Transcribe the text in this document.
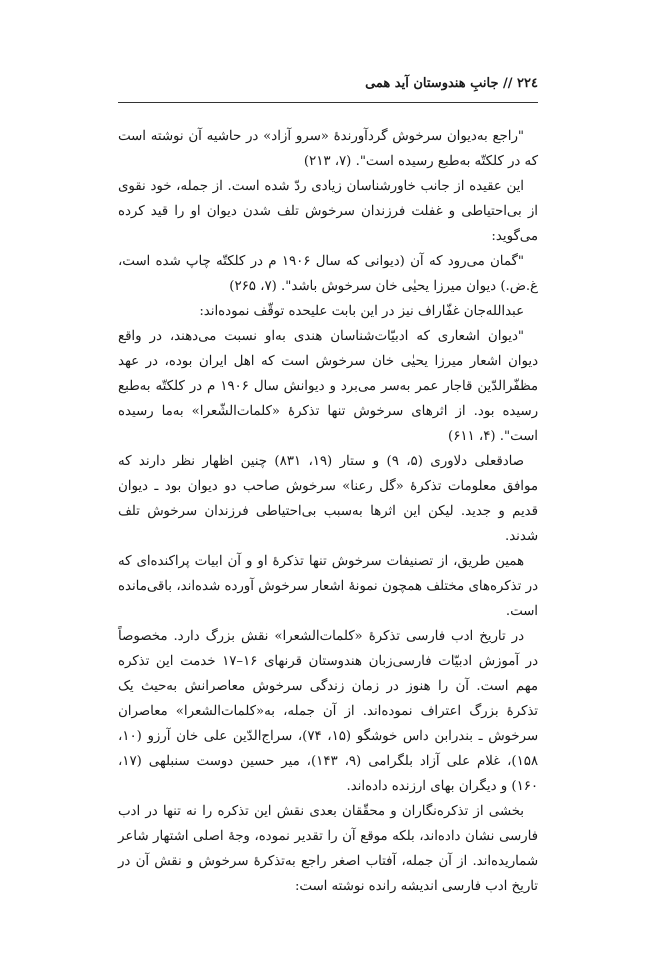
٢٢٤ // جانبِ هندوستان آید همی

"راجع به‌دیوان سرخوش گردآورندهٔ «سرو آزاد» در حاشیه آن نوشته است که در کلکتّه به‌طبع رسیده است". (۷، ۲۱۳)

این عقیده از جانب خاورشناسان زیادی ردّ شده است. از جمله، خود نقوی از بی‌احتیاطی و غفلت فرزندان سرخوش تلف شدن دیوان او را قید کرده می‌گوید:

"گمان می‌رود که آن (دیوانی که سال ۱۹۰۶ م در کلکتّه چاپ شده است، غ.ض.) دیوان میرزا یحیٰی خان سرخوش باشد". (۷، ۲۶۵)

عبدالله‌جان غفّاراف نیز در این بابت علیحده توقّف نموده‌اند:

"دیوان اشعاری که ادبیّات‌شناسان هندی به‌او نسبت می‌دهند، در واقع دیوان اشعار میرزا یحیٰی خان سرخوش است که اهل ایران بوده، در عهد مظفّرالدّین قاجار عمر به‌سر می‌برد و دیوانش سال ۱۹۰۶ م در کلکتّه به‌طبع رسیده بود. از اثرهای سرخوش تنها تذکرهٔ «کلمات‌الشّعرا» به‌ما رسیده است". (۴، ۶۱۱)

صادقعلی دلاوری (۵، ۹) و ستار (۱۹، ۸۳۱) چنین اظهار نظر دارند که موافق معلومات تذکرهٔ «گل رعنا» سرخوش صاحب دو دیوان بود ـ دیوان قدیم و جدید. لیکن این اثرها به‌سبب بی‌احتیاطی فرزندان سرخوش تلف شدند.

همین طریق، از تصنیفات سرخوش تنها تذکرهٔ او و آن ابیات پراکنده‌ای که در تذکره‌های مختلف همچون نمونهٔ اشعار سرخوش آورده شده‌اند، باقی‌مانده است.

در تاریخ ادب فارسی تذکرهٔ «کلمات‌الشعرا» نقش بزرگ دارد. مخصوصاً در آموزش ادبیّات فارسی‌زبان هندوستان قرنهای ۱۶–۱۷ خدمت این تذکره مهم است. آن را هنوز در زمان زندگی سرخوش معاصرانش به‌حیث یک تذکرهٔ بزرگ اعتراف نموده‌اند. از آن جمله، به«کلمات‌الشعرا» معاصران سرخوش ـ بندرابن داس خوشگو (۱۵، ۷۴)، سراج‌الدّین علی خان آرزو (۱۰، ۱۵۸)، غلام علی آزاد بلگرامی (۹، ۱۴۳)، میر حسین دوست سنبلهی (۱۷، ۱۶۰) و دیگران بهای ارزنده داده‌اند.

بخشی از تذکره‌نگاران و محقّقان بعدی نقش این تذکره را نه تنها در ادب فارسی نشان داده‌اند، بلکه موقع آن را تقدیر نموده، وجهٔ اصلی اشتهار شاعر شماریده‌اند. از آن جمله، آفتاب اصغر راجع به‌تذکرهٔ سرخوش و نقش آن در تاریخ ادب فارسی اندیشه رانده نوشته است:
